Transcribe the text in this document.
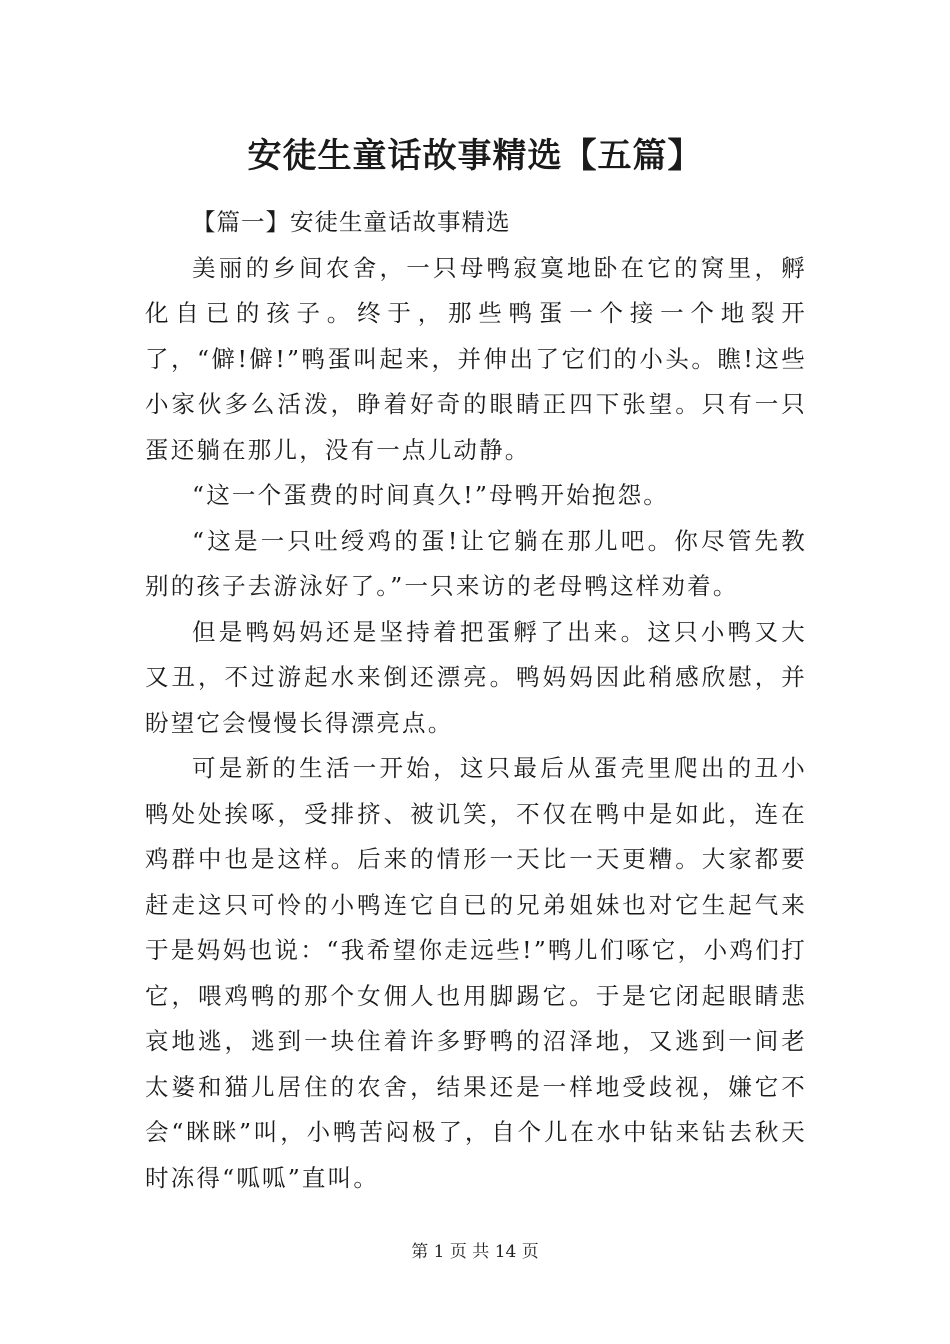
安徒生童话故事精选【五篇】

【篇一】安徒生童话故事精选

美丽的乡间农舍，一只母鸭寂寞地卧在它的窝里，孵化自已的孩子。终于，那些鸭蛋一个接一个地裂开了，“僻!僻!”鸭蛋叫起来，并伸出了它们的小头。瞧!这些小家伙多么活泼，睁着好奇的眼睛正四下张望。只有一只蛋还躺在那儿，没有一点儿动静。

“这一个蛋费的时间真久!”母鸭开始抱怨。

“这是一只吐绶鸡的蛋!让它躺在那儿吧。你尽管先教别的孩子去游泳好了。”一只来访的老母鸭这样劝着。

但是鸭妈妈还是坚持着把蛋孵了出来。这只小鸭又大又丑，不过游起水来倒还漂亮。鸭妈妈因此稍感欣慰，并盼望它会慢慢长得漂亮点。

可是新的生活一开始，这只最后从蛋壳里爬出的丑小鸭处处挨啄，受排挤、被讥笑，不仅在鸭中是如此，连在鸡群中也是这样。后来的情形一天比一天更糟。大家都要赶走这只可怜的小鸭连它自已的兄弟姐妹也对它生起气来于是妈妈也说：“我希望你走远些!”鸭儿们啄它，小鸡们打它，喂鸡鸭的那个女佣人也用脚踢它。于是它闭起眼睛悲哀地逃，逃到一块住着许多野鸭的沼泽地，又逃到一间老太婆和猫儿居住的农舍，结果还是一样地受歧视，嫌它不会“眯眯”叫，小鸭苦闷极了，自个儿在水中钻来钻去秋天时冻得“呱呱”直叫。

第 1 页 共 14 页
